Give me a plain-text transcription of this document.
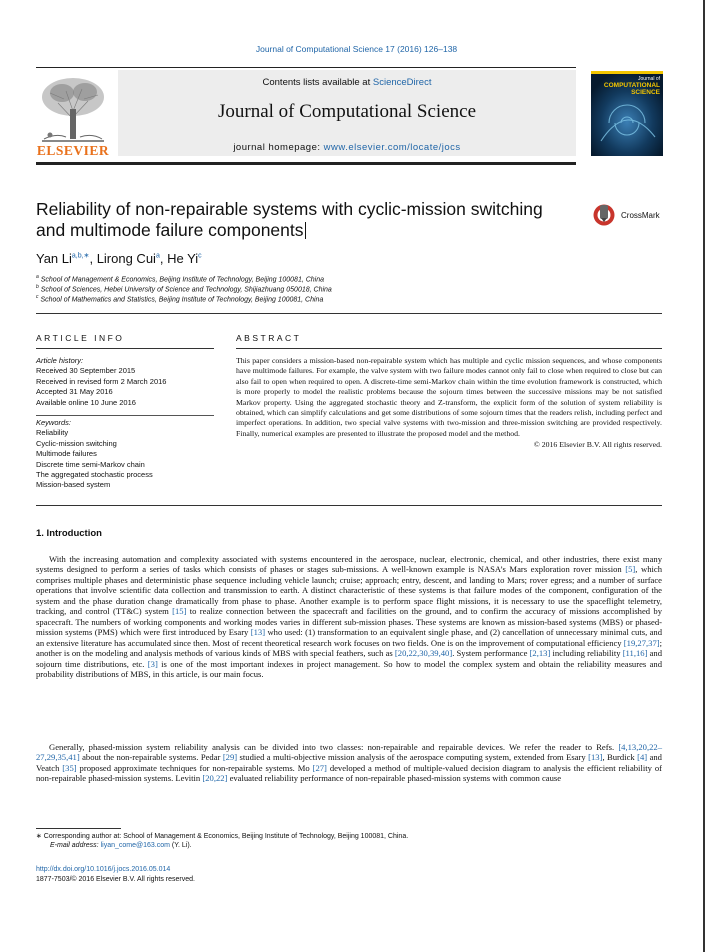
Journal of Computational Science 17 (2016) 126–138
ELSEVIER
Contents lists available at ScienceDirect
Journal of Computational Science
journal homepage: www.elsevier.com/locate/jocs
Journal of
COMPUTATIONAL
SCIENCE
Reliability of non-repairable systems with cyclic-mission switching
and multimode failure components
CrossMark
Yan $Li^{a,b,∗}$, Lirong Cui$^a$, He Yi$^c$
$^a$ School of Management & Economics, Beijing Institute of Technology, Beijing 100081, China
$^b$ School of Sciences, Hebei University of Science and Technology, Shijiazhuang 050018, China
$^c$ School of Mathematics and Statistics, Beijing Institute of Technology, Beijing 100081, China
ARTICLE INFO	ABSTRACT
Article history:
Received 30 September 2015
Received in revised form 2 March 2016
Accepted 31 May 2016
Available online 10 June 2016
Keywords:
Reliability
Cyclic-mission switching
Multimode failures
Discrete time semi-Markov chain
The aggregated stochastic process
Mission-based system
This paper considers a mission-based non-repairable system which has multiple and cyclic mission sequences, and whose components have multimode failures. For example, the valve system with two failure modes cannot only fail to close when required to close but can also fail to open when required to open. A discrete-time semi-Markov chain within the time evolution framework is constructed, which is more properly to model the realistic problems because the sojourn times between the successive missions may be not satisfied Markov property. Using the aggregated stochastic theory and Z-transform, the explicit form of the solution of system reliability is obtained, which can simplify calculations and get some distributions of some sojourn times that the readers relish, including perfect and imperfect operations. In addition, two special valve systems with two-mission and three-mission switching are provided respectively. Finally, numerical examples are presented to illustrate the proposed model and the method.
© 2016 Elsevier B.V. All rights reserved.
1. Introduction
With the increasing automation and complexity associated with systems encountered in the aerospace, nuclear, electronic, chemical, and other industries, there exist many systems designed to perform a series of tasks which consists of phases or stages sub-missions. A well-known example is NASA’s Mars exploration rover mission [5], which comprises multiple phases and deterministic phase sequence including vehicle launch; cruise; approach; entry, descent, and landing to Mars; rover egress; and a number of surface operations that involve scientific data collection and transmission to earth. A distinct characteristic of these systems is that failure modes of the component, configuration of the system and the phase duration change dramatically from phase to phase. Another example is to perform space flight missions, it is necessary to use the spaceflight telemetry, tracking, and control (TT&C) system [15] to realize connection between the spacecraft and facilities on the ground, and to confirm the accuracy of missions accomplished by spacecraft. The numbers of working components and working modes varies in different sub-mission phases. These systems are known as mission-based systems (MBS) or phased-mission systems (PMS) which were first introduced by Esary [13] who used: (1) transformation to an equivalent single phase, and (2) cancellation of unnecessary minimal cuts, and an extensive literature has accumulated since then. Most of recent theoretical research work focuses on two fields. One is on the improvement of computational efficiency [19,27,37]; another is on the modeling and analysis methods of various kinds of MBS with special feathers, such as [20,22,30,39,40]. System performance [2,13] including reliability [11,16] and sojourn time distributions, etc. [3] is one of the most important indexes in project management. So how to model the complex system and obtain the reliability measures and probability distributions of MBS, in this article, is our main focus.
Generally, phased-mission system reliability analysis can be divided into two classes: non-repairable and repairable devices. We refer the reader to Refs. [4,13,20,22–27,29,35,41] about the non-repairable systems. Pedar [29] studied a multi-objective mission analysis of the aerospace computing system, extended from Esary [13], Burdick [4] and Veatch [35] proposed approximate techniques for non-repairable systems. Mo [27] developed a method of multiple-valued decision diagram to analysis the efficient reliability of non-repairable phased-mission systems. Levitin [20,22] evaluated reliability performance of non-repairable phased-mission systems with common cause
∗ Corresponding author at: School of Management & Economics, Beijing Institute of Technology, Beijing 100081, China.
E-mail address: liyan_come@163.com (Y. Li).
http://dx.doi.org/10.1016/j.jocs.2016.05.014
1877-7503/© 2016 Elsevier B.V. All rights reserved.
